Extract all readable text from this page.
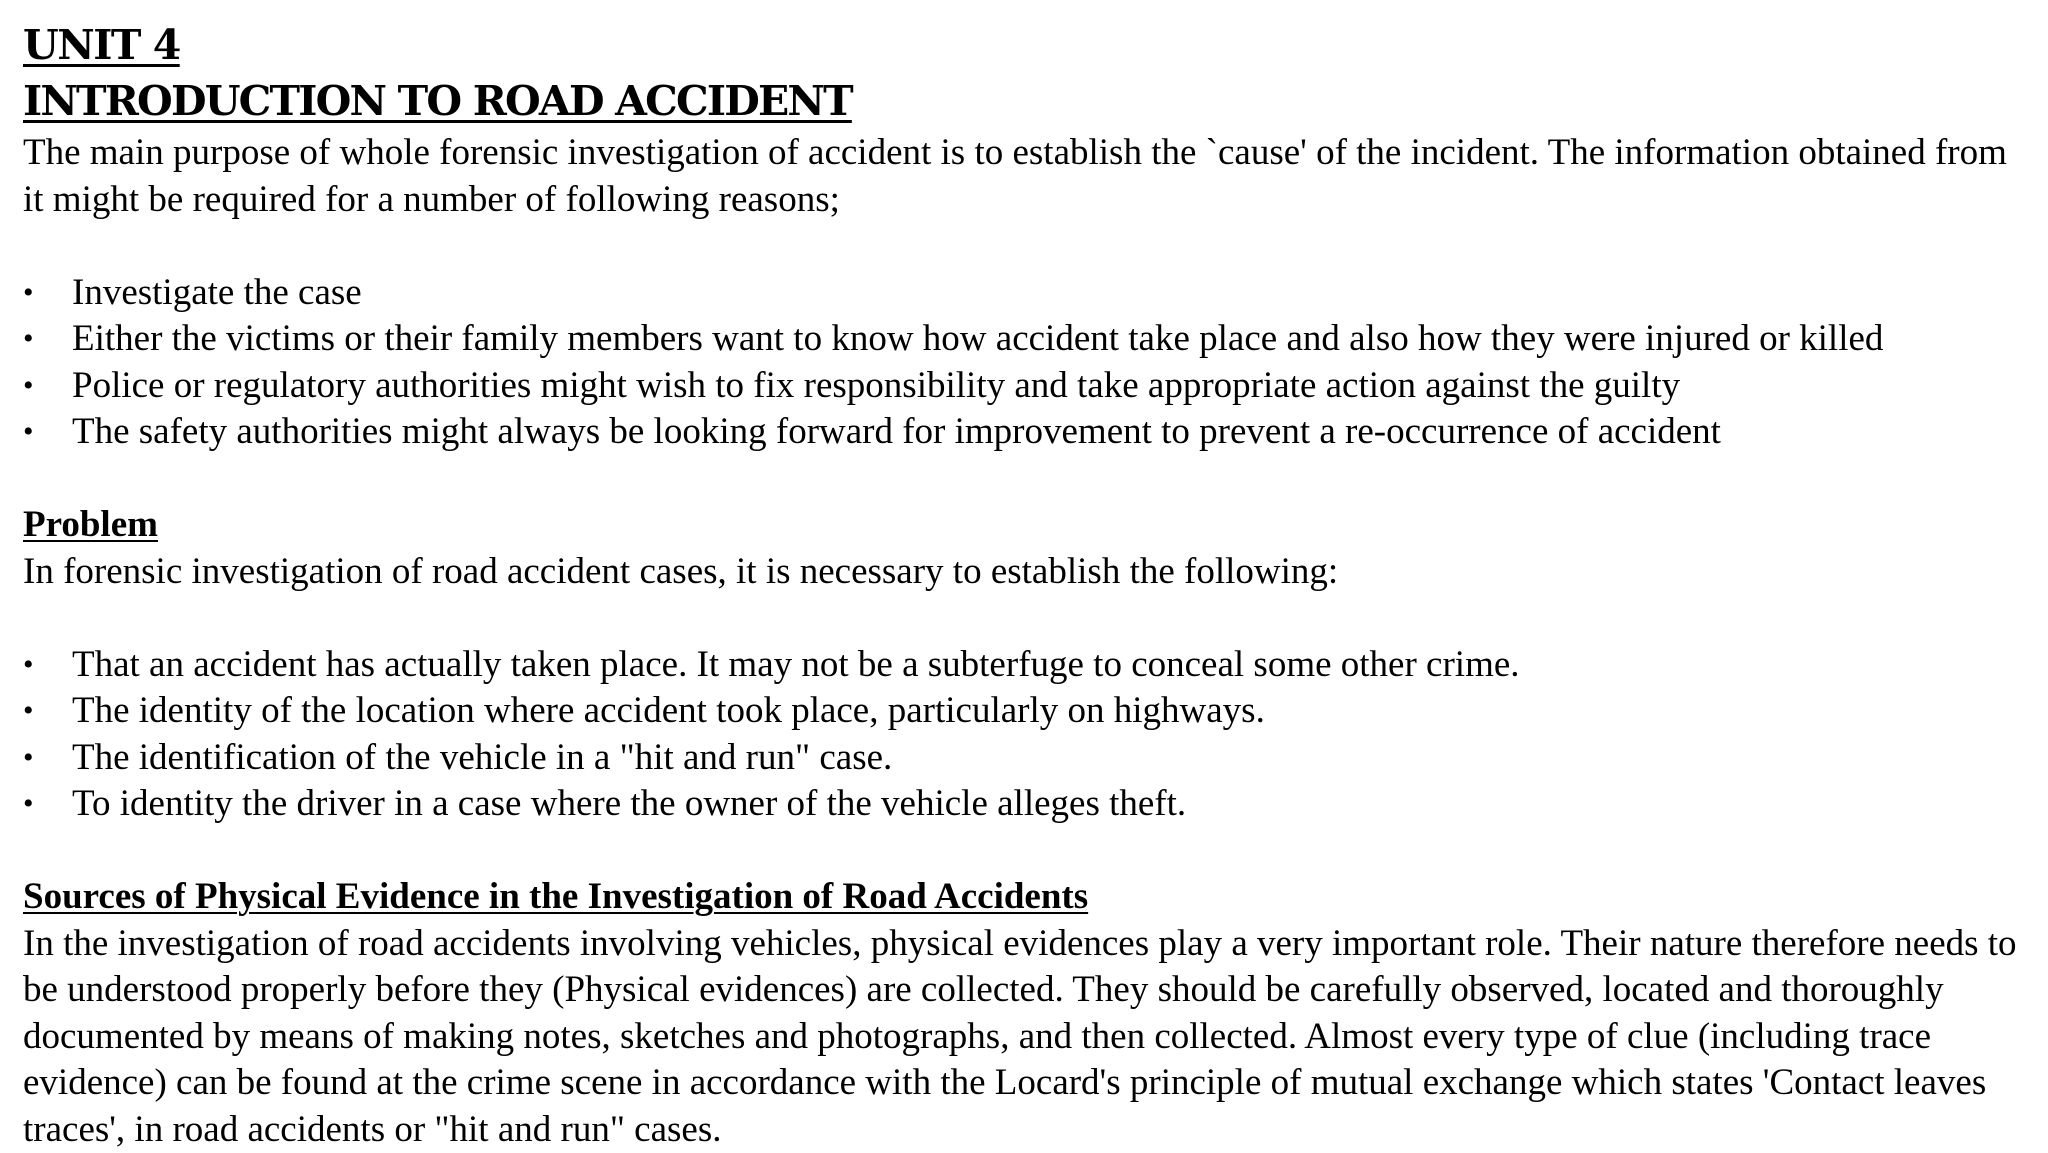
UNIT 4
INTRODUCTION TO ROAD ACCIDENT

The main purpose of whole forensic investigation of accident is to establish the `cause' of the incident. The information obtained from it might be required for a number of following reasons;

• Investigate the case
• Either the victims or their family members want to know how accident take place and also how they were injured or killed
• Police or regulatory authorities might wish to fix responsibility and take appropriate action against the guilty
• The safety authorities might always be looking forward for improvement to prevent a re-occurrence of accident

Problem

In forensic investigation of road accident cases, it is necessary to establish the following:

• That an accident has actually taken place. It may not be a subterfuge to conceal some other crime.
• The identity of the location where accident took place, particularly on highways.
• The identification of the vehicle in a "hit and run" case.
• To identity the driver in a case where the owner of the vehicle alleges theft.

Sources of Physical Evidence in the Investigation of Road Accidents

In the investigation of road accidents involving vehicles, physical evidences play a very important role. Their nature therefore needs to be understood properly before they (Physical evidences) are collected. They should be carefully observed, located and thoroughly documented by means of making notes, sketches and photographs, and then collected. Almost every type of clue (including trace evidence) can be found at the crime scene in accordance with the Locard's principle of mutual exchange which states 'Contact leaves traces', in road accidents or "hit and run" cases.
